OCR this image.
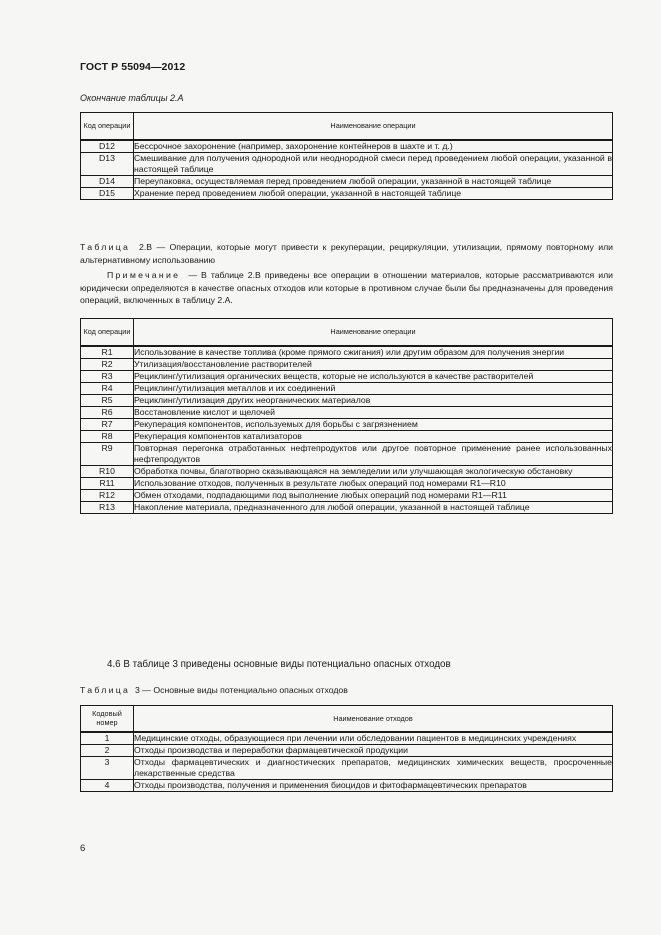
ГОСТ Р 55094—2012
Окончание таблицы 2.А
Код операции	Наименование операции
D12	Бессрочное захоронение (например, захоронение контейнеров в шахте и т. д.)
D13	Смешивание для получения однородной или неоднородной смеси перед проведением любой операции, указанной в настоящей таблице
D14	Переупаковка, осуществляемая перед проведением любой операции, указанной в настоящей таблице
D15	Хранение перед проведением любой операции, указанной в настоящей таблице
Таблица 2.В — Операции, которые могут привести к рекуперации, рециркуляции, утилизации, прямому повторному или альтернативному использованию
Примечание — В таблице 2.В приведены все операции в отношении материалов, которые рассматриваются или юридически определяются в качестве опасных отходов или которые в противном случае были бы предназначены для проведения операций, включенных в таблицу 2.А.
Код операции	Наименование операции
R1	Использование в качестве топлива (кроме прямого сжигания) или другим образом для получения энергии
R2	Утилизация/восстановление растворителей
R3	Рециклинг/утилизация органических веществ, которые не используются в качестве растворителей
R4	Рециклинг/утилизация металлов и их соединений
R5	Рециклинг/утилизация других неорганических материалов
R6	Восстановление кислот и щелочей
R7	Рекуперация компонентов, используемых для борьбы с загрязнением
R8	Рекуперация компонентов катализаторов
R9	Повторная перегонка отработанных нефтепродуктов или другое повторное применение ранее использованных нефтепродуктов
R10	Обработка почвы, благотворно сказывающаяся на земледелии или улучшающая экологическую обстановку
R11	Использование отходов, полученных в результате любых операций под номерами R1—R10
R12	Обмен отходами, подпадающими под выполнение любых операций под номерами R1—R11
R13	Накопление материала, предназначенного для любой операции, указанной в настоящей таблице
4.6 В таблице 3 приведены основные виды потенциально опасных отходов
Таблица 3 — Основные виды потенциально опасных отходов
Кодовый номер	Наименование отходов
1	Медицинские отходы, образующиеся при лечении или обследовании пациентов в медицинских учреждениях
2	Отходы производства и переработки фармацевтической продукции
3	Отходы фармацевтических и диагностических препаратов, медицинских химических веществ, просроченные лекарственные средства
4	Отходы производства, получения и применения биоцидов и фитофармацевтических препаратов
6
